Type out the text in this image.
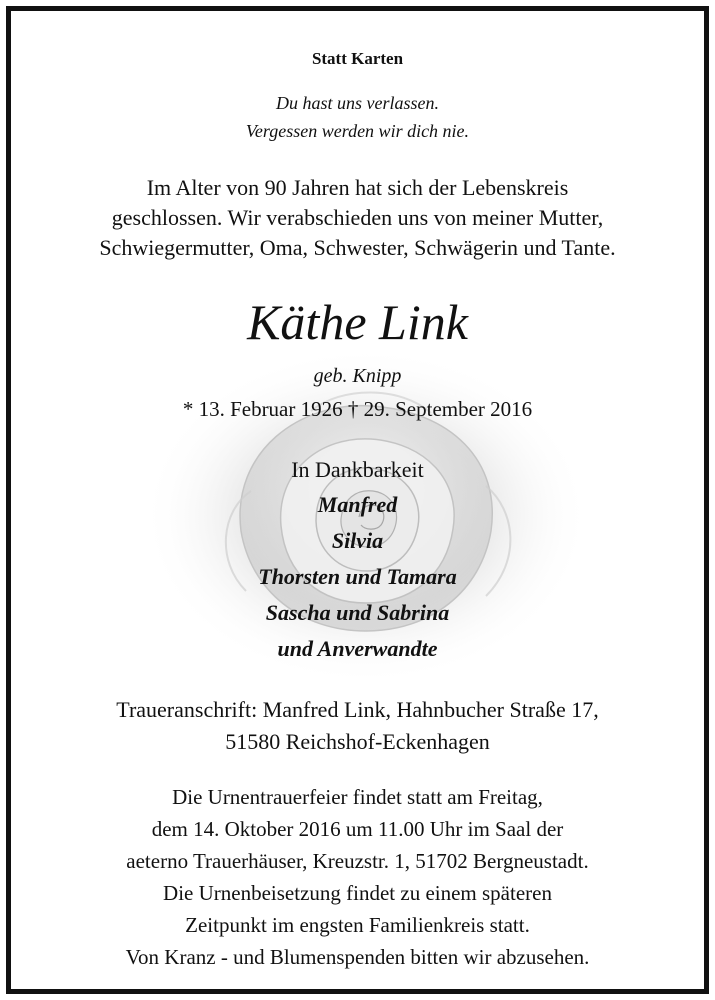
Statt Karten
Du hast uns verlassen.
Vergessen werden wir dich nie.
Im Alter von 90 Jahren hat sich der Lebenskreis
geschlossen. Wir verabschieden uns von meiner Mutter,
Schwiegermutter, Oma, Schwester, Schwägerin und Tante.
Käthe Link
geb. Knipp
* 13. Februar 1926 † 29. September 2016
In Dankbarkeit
Manfred
Silvia
Thorsten und Tamara
Sascha und Sabrina
und Anverwandte
Traueranschrift: Manfred Link, Hahnbucher Straße 17,
51580 Reichshof-Eckenhagen
Die Urnentrauerfeier findet statt am Freitag,
dem 14. Oktober 2016 um 11.00 Uhr im Saal der
aeterno Trauerhäuser, Kreuzstr. 1, 51702 Bergneustadt.
Die Urnenbeisetzung findet zu einem späteren
Zeitpunkt im engsten Familienkreis statt.
Von Kranz - und Blumenspenden bitten wir abzusehen.
